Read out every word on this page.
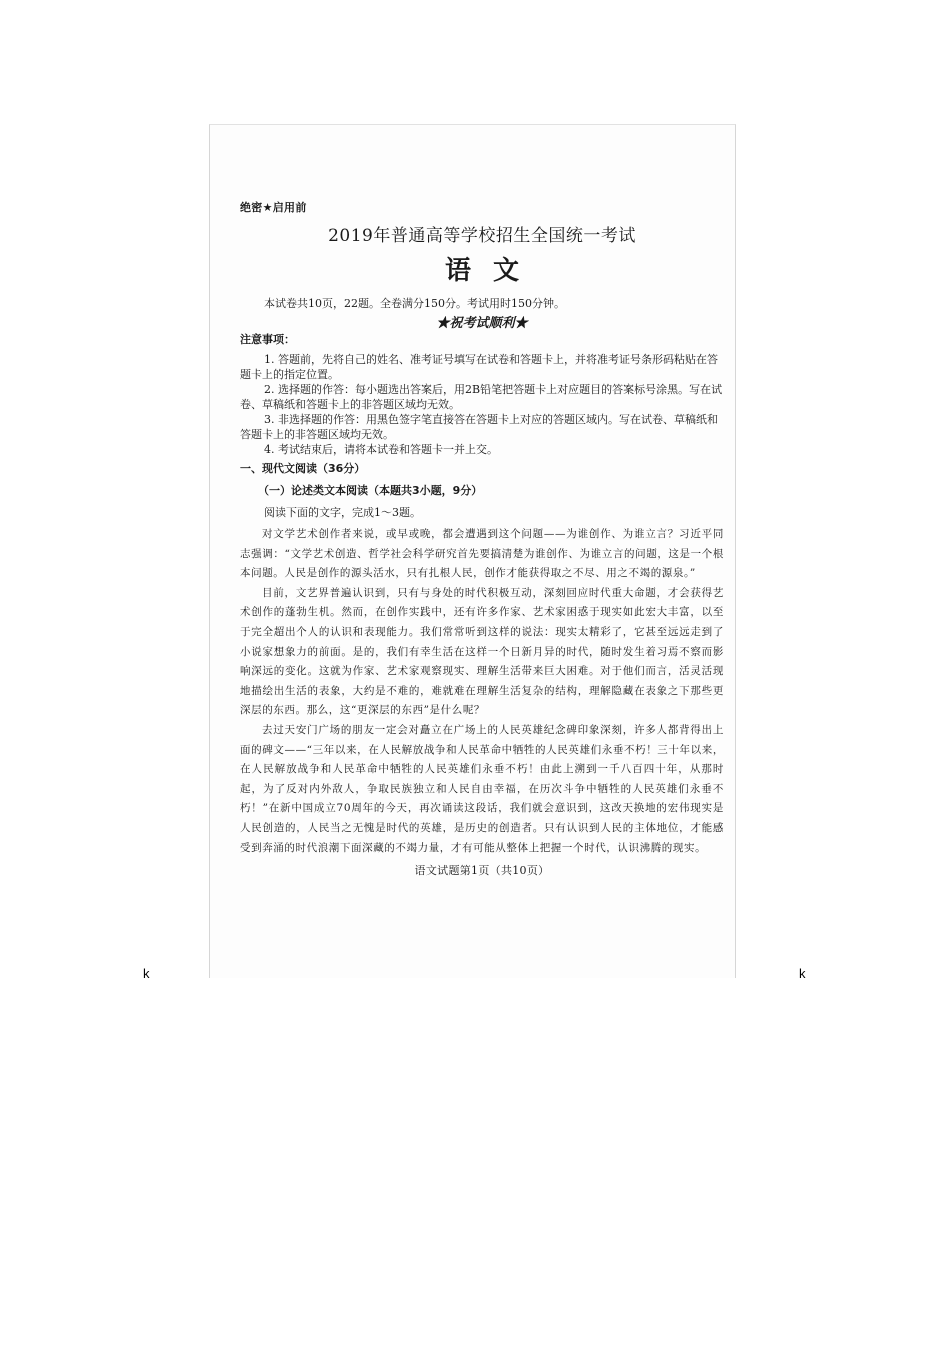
绝密★启用前
2019年普通高等学校招生全国统一考试
语文
本试卷共10页，22题。全卷满分150分。考试用时150分钟。
★祝考试顺利★
注意事项：

1. 答题前，先将自己的姓名、准考证号填写在试卷和答题卡上，并将准考证号条形码粘贴在答题卡上的指定位置。

2. 选择题的作答：每小题选出答案后，用2B铅笔把答题卡上对应题目的答案标号涂黑。写在试卷、草稿纸和答题卡上的非答题区域均无效。

3. 非选择题的作答：用黑色签字笔直接答在答题卡上对应的答题区域内。写在试卷、草稿纸和答题卡上的非答题区域均无效。

4. 考试结束后，请将本试卷和答题卡一并上交。

一、现代文阅读（36分）
（一）论述类文本阅读（本题共3小题，9分）
阅读下面的文字，完成1～3题。

对文学艺术创作者来说，或早或晚，都会遭遇到这个问题——为谁创作、为谁立言？习近平同志强调：“文学艺术创造、哲学社会科学研究首先要搞清楚为谁创作、为谁立言的问题，这是一个根本问题。人民是创作的源头活水，只有扎根人民，创作才能获得取之不尽、用之不竭的源泉。”

目前，文艺界普遍认识到，只有与身处的时代积极互动，深刻回应时代重大命题，才会获得艺术创作的蓬勃生机。然而，在创作实践中，还有许多作家、艺术家困惑于现实如此宏大丰富，以至于完全超出个人的认识和表现能力。我们常常听到这样的说法：现实太精彩了，它甚至远远走到了小说家想象力的前面。是的，我们有幸生活在这样一个日新月异的时代，随时发生着习焉不察而影响深远的变化。这就为作家、艺术家观察现实、理解生活带来巨大困难。对于他们而言，活灵活现地描绘出生活的表象，大约是不难的，难就难在理解生活复杂的结构，理解隐藏在表象之下那些更深层的东西。那么，这“更深层的东西”是什么呢？

去过天安门广场的朋友一定会对矗立在广场上的人民英雄纪念碑印象深刻，许多人都背得出上面的碑文——“三年以来，在人民解放战争和人民革命中牺牲的人民英雄们永垂不朽！三十年以来，在人民解放战争和人民革命中牺牲的人民英雄们永垂不朽！由此上溯到一千八百四十年，从那时起，为了反对内外敌人，争取民族独立和人民自由幸福，在历次斗争中牺牲的人民英雄们永垂不朽！”在新中国成立70周年的今天，再次诵读这段话，我们就会意识到，这改天换地的宏伟现实是人民创造的，人民当之无愧是时代的英雄，是历史的创造者。只有认识到人民的主体地位，才能感受到奔涌的时代浪潮下面深藏的不竭力量，才有可能从整体上把握一个时代，认识沸腾的现实。

语文试题第1页（共10页）
k	k
